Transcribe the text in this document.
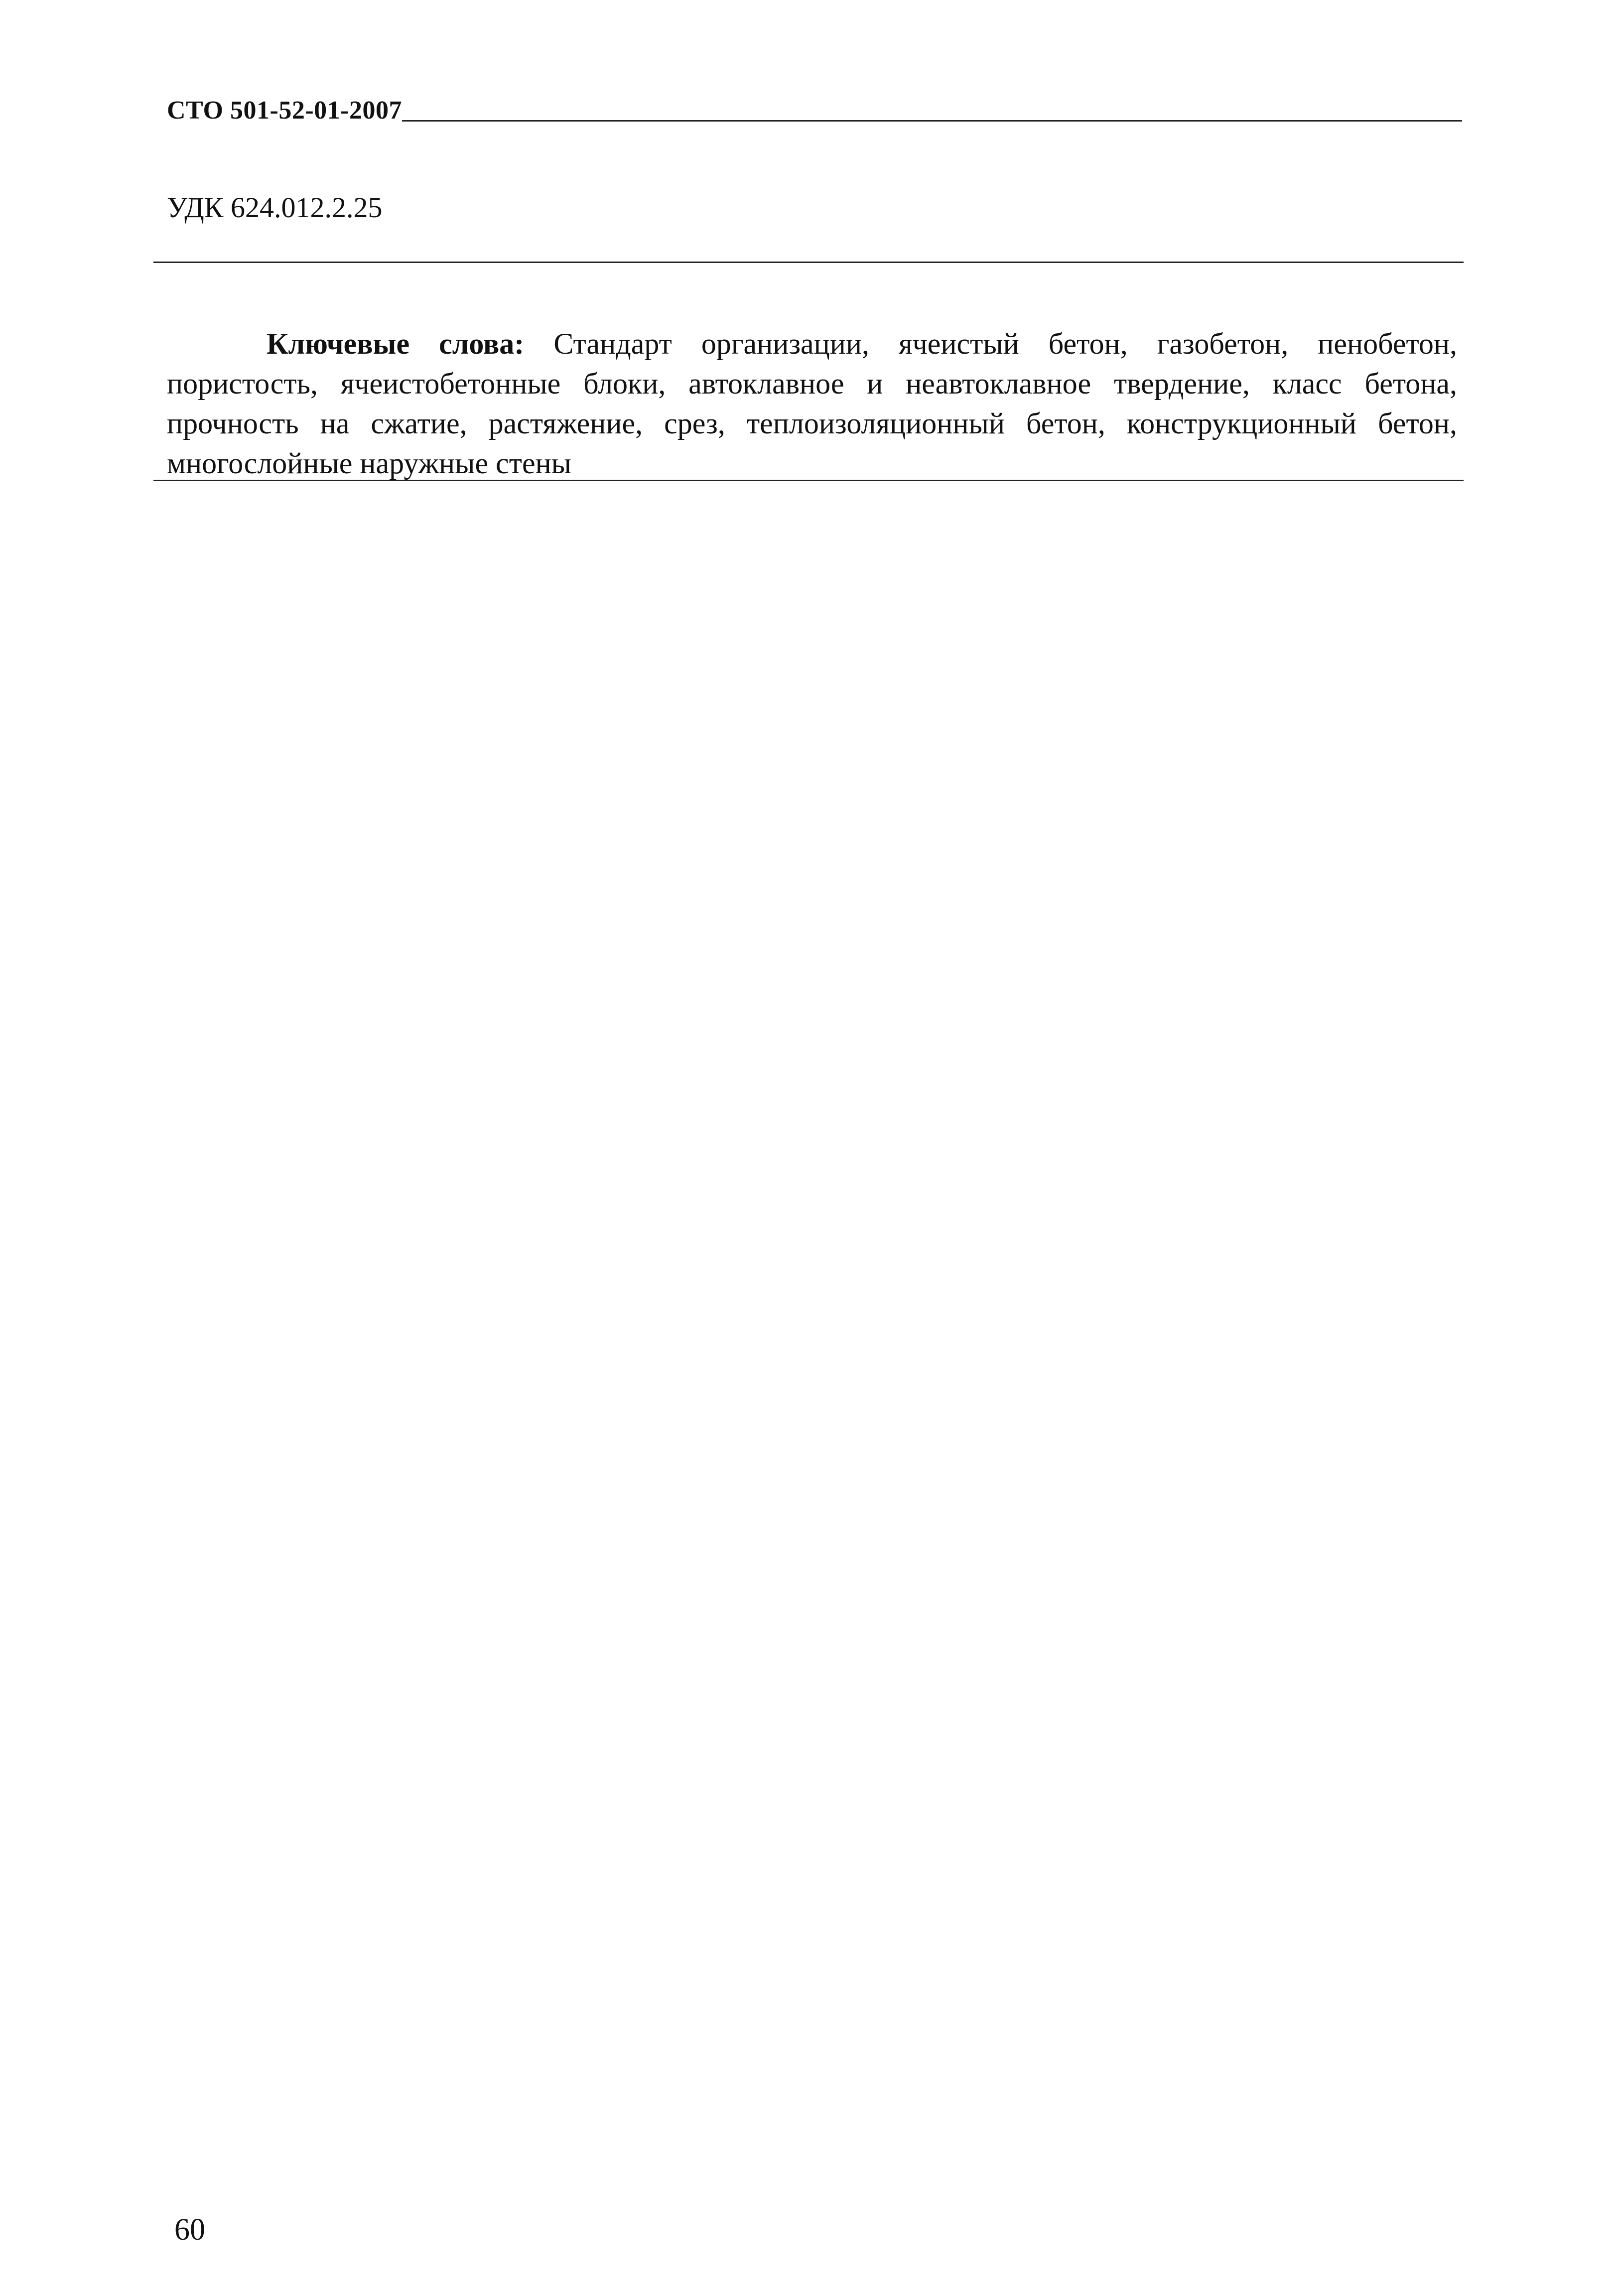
СТО 501-52-01-2007
УДК 624.012.2.25

Ключевые слова: Стандарт организации, ячеистый бетон, газобетон, пенобетон, пористость, ячеистобетонные блоки, автоклавное и неавтоклавное твердение, класс бетона, прочность на сжатие, растяжение, срез, теплоизоляционный бетон, конструкционный бетон, многослойные наружные стены

60
